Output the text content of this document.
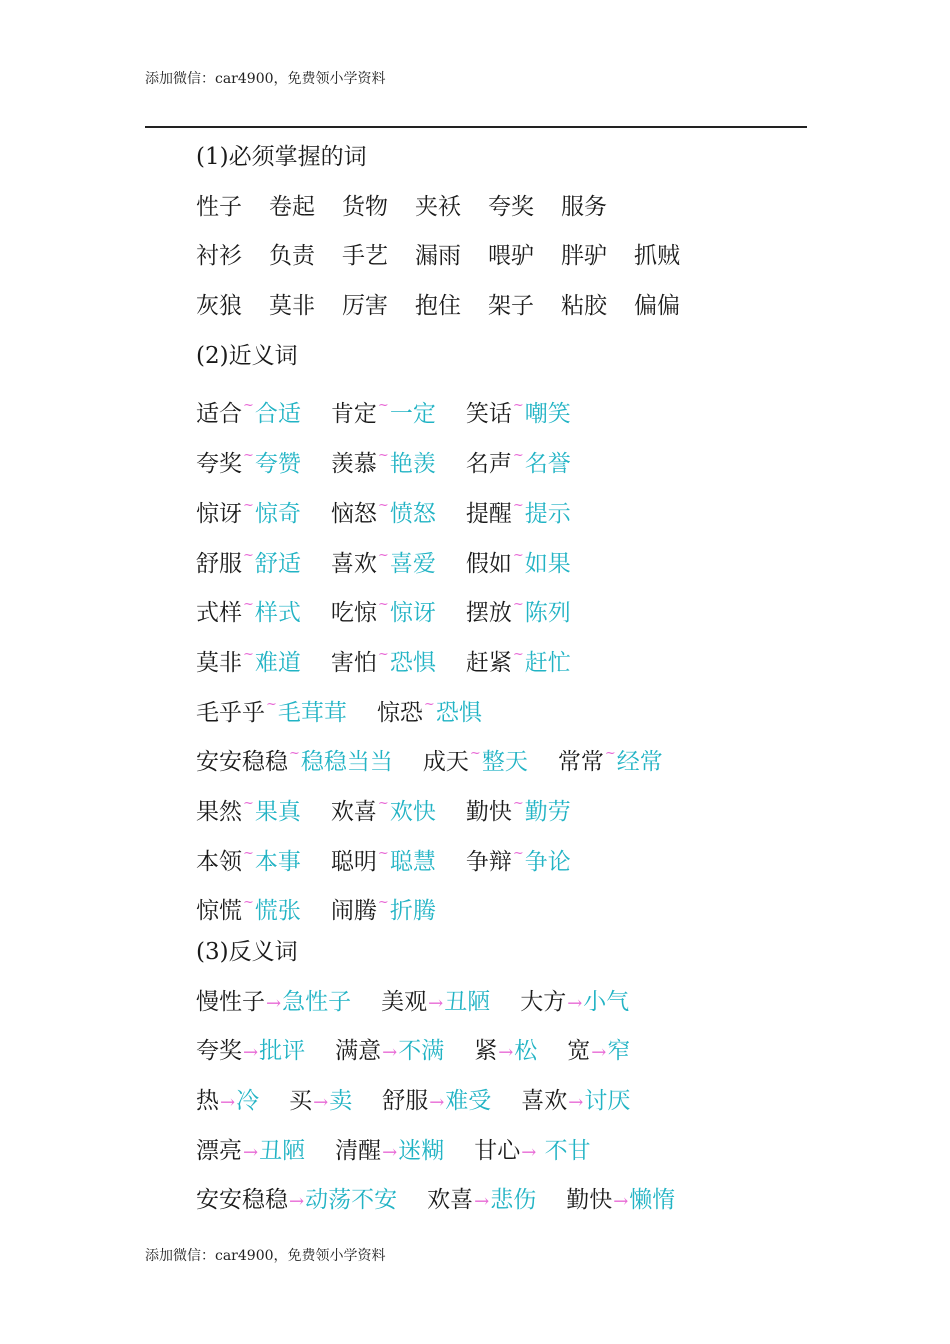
添加微信：car4900，免费领小学资料
(1)必须掌握的词
性子 卷起 货物 夹袄 夸奖 服务
衬衫 负责 手艺 漏雨 喂驴 胖驴 抓贼
灰狼 莫非 厉害 抱住 架子 粘胶 偏偏
(2)近义词
适合~合适 肯定~一定 笑话~嘲笑
夸奖~夸赞 羡慕~艳羡 名声~名誉
惊讶~惊奇 恼怒~愤怒 提醒~提示
舒服~舒适 喜欢~喜爱 假如~如果
式样~样式 吃惊~惊讶 摆放~陈列
莫非~难道 害怕~恐惧 赶紧~赶忙
毛乎乎~毛茸茸 惊恐~恐惧
安安稳稳~稳稳当当 成天~整天 常常~经常
果然~果真 欢喜~欢快 勤快~勤劳
本领~本事 聪明~聪慧 争辩~争论
惊慌~慌张 闹腾~折腾
(3)反义词
慢性子→急性子 美观→丑陋 大方→小气
夸奖→批评 满意→不满 紧→松 宽→窄
热→冷 买→卖 舒服→难受 喜欢→讨厌
漂亮→丑陋 清醒→迷糊 甘心→ 不甘
安安稳稳→动荡不安 欢喜→悲伤 勤快→懒惰
添加微信：car4900，免费领小学资料
